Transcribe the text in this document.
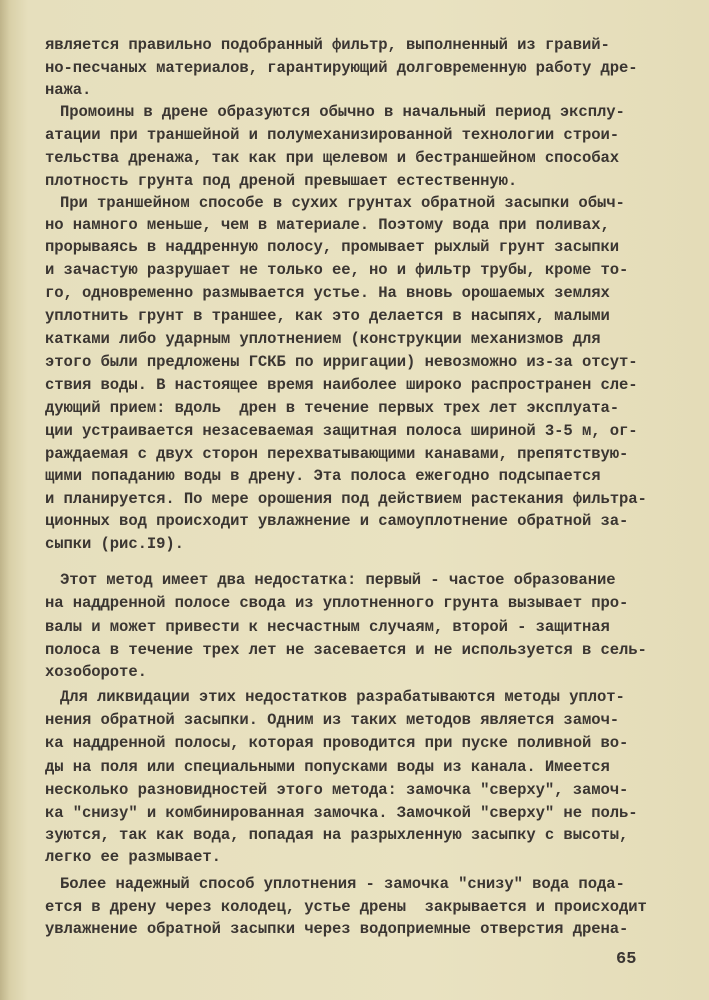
65
является правильно подобранный фильтр, выполненный из гравий-
но-песчаных материалов, гарантирующий долговременную работу дре-
нажа.
Промоины в дрене образуются обычно в начальный период эксплу-
атации при траншейной и полумеханизированной технологии строи-
тельства дренажа, так как при щелевом и бестраншейном способах
плотность грунта под дреной превышает естественную.
При траншейном способе в сухих грунтах обратной засыпки обыч-
но намного меньше, чем в материале. Поэтому вода при поливах,
прорываясь в наддренную полосу, промывает рыхлый грунт засыпки
и зачастую разрушает не только ее, но и фильтр трубы, кроме то-
го, одновременно размывается устье. На вновь орошаемых землях
уплотнить грунт в траншее, как это делается в насыпях, малыми
катками либо ударным уплотнением (конструкции механизмов для
этого были предложены ГСКБ по ирригации) невозможно из-за отсут-
ствия воды. В настоящее время наиболее широко распространен сле-
дующий прием: вдоль  дрен в течение первых трех лет эксплуата-
ции устраивается незасеваемая защитная полоса шириной 3-5 м, ог-
раждаемая с двух сторон перехватывающими канавами, препятствую-
щими попаданию воды в дрену. Эта полоса ежегодно подсыпается
и планируется. По мере орошения под действием растекания фильтра-
ционных вод происходит увлажнение и самоуплотнение обратной за-
сыпки (рис.I9).
Этот метод имеет два недостатка: первый - частое образование
на наддренной полосе свода из уплотненного грунта вызывает про-
валы и может привести к несчастным случаям, второй - защитная
полоса в течение трех лет не засевается и не используется в сель-
хозобороте.
Для ликвидации этих недостатков разрабатываются методы уплот-
нения обратной засыпки. Одним из таких методов является замоч-
ка наддренной полосы, которая проводится при пуске поливной во-
ды на поля или специальными попусками воды из канала. Имеется
несколько разновидностей этого метода: замочка "сверху", замоч-
ка "снизу" и комбинированная замочка. Замочкой "сверху" не поль-
зуются, так как вода, попадая на разрыхленную засыпку с высоты,
легко ее размывает.
Более надежный способ уплотнения - замочка "снизу" вода пода-
ется в дрену через колодец, устье дрены  закрывается и происходит
увлажнение обратной засыпки через водоприемные отверстия дрена-
